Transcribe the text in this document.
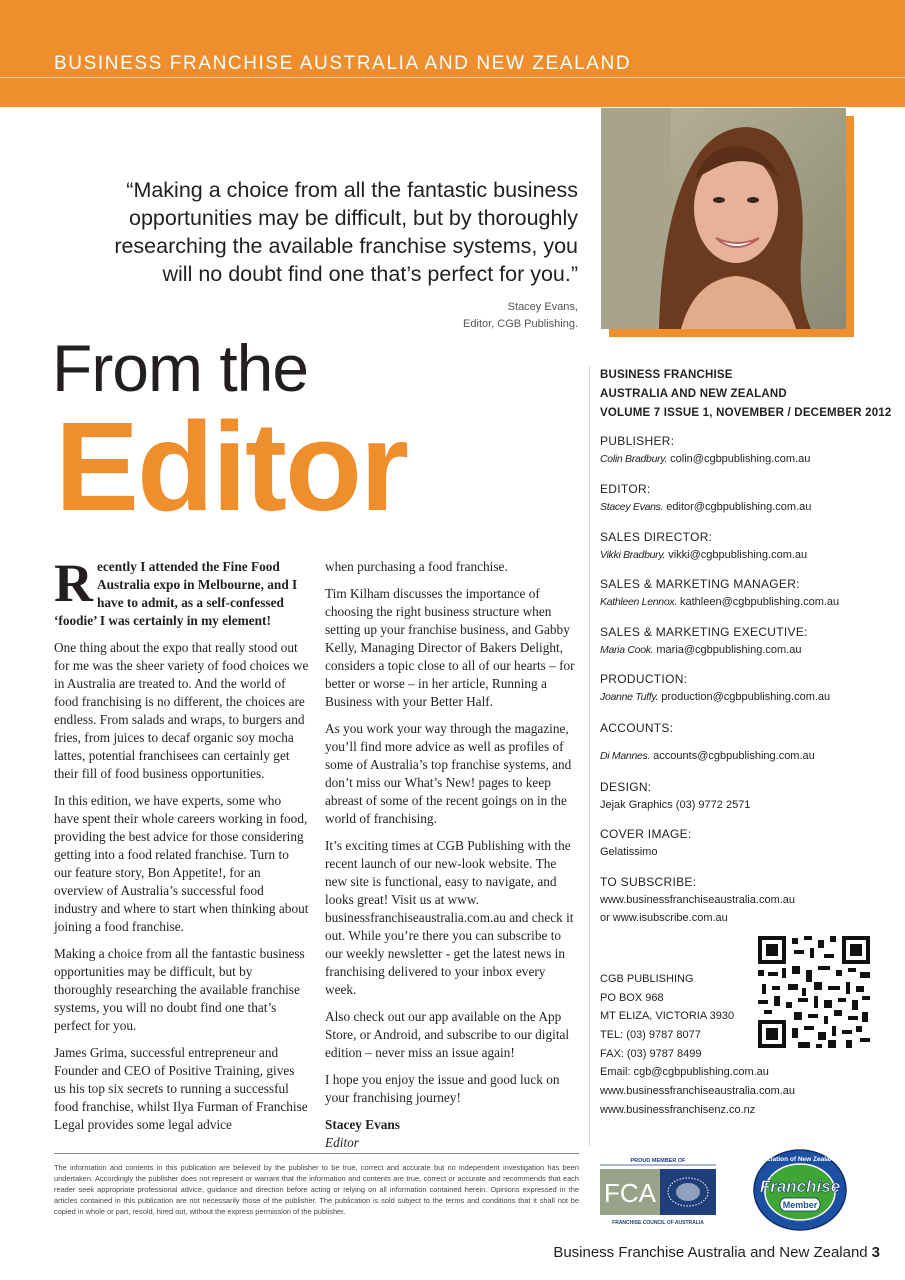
BUSINESS FRANCHISE AUSTRALIA AND NEW ZEALAND
“Making a choice from all the fantastic business
opportunities may be difficult, but by thoroughly
researching the available franchise systems, you
will no doubt find one that’s perfect for you.”
Stacey Evans,
Editor, CGB Publishing.
From the
Editor

Recently I attended the Fine Food Australia expo in Melbourne, and I have to admit, as a self-confessed ‘foodie’ I was certainly in my element!

One thing about the expo that really stood out for me was the sheer variety of food choices we in Australia are treated to. And the world of food franchising is no different, the choices are endless. From salads and wraps, to burgers and fries, from juices to decaf organic soy mocha lattes, potential franchisees can certainly get their fill of food business opportunities.

In this edition, we have experts, some who have spent their whole careers working in food, providing the best advice for those considering getting into a food related franchise. Turn to our feature story, Bon Appetite!, for an overview of Australia’s successful food industry and where to start when thinking about joining a food franchise.

Making a choice from all the fantastic business opportunities may be difficult, but by thoroughly researching the available franchise systems, you will no doubt find one that’s perfect for you.

James Grima, successful entrepreneur and Founder and CEO of Positive Training, gives us his top six secrets to running a successful food franchise, whilst Ilya Furman of Franchise Legal provides some legal advice

when purchasing a food franchise.

Tim Kilham discusses the importance of choosing the right business structure when setting up your franchise business, and Gabby Kelly, Managing Director of Bakers Delight, considers a topic close to all of our hearts – for better or worse – in her article, Running a Business with your Better Half.

As you work your way through the magazine, you’ll find more advice as well as profiles of some of Australia’s top franchise systems, and don’t miss our What’s New! pages to keep abreast of some of the recent goings on in the world of franchising.

It’s exciting times at CGB Publishing with the recent launch of our new-look website. The new site is functional, easy to navigate, and looks great! Visit us at www. businessfranchiseaustralia.com.au and check it out. While you’re there you can subscribe to our weekly newsletter - get the latest news in franchising delivered to your inbox every week.

Also check out our app available on the App Store, or Android, and subscribe to our digital edition – never miss an issue again!

I hope you enjoy the issue and good luck on your franchising journey!

Stacey Evans

Editor

BUSINESS FRANCHISE
AUSTRALIA AND NEW ZEALAND
VOLUME 7 ISSUE 1, NOVEMBER / DECEMBER 2012
PUBLISHER:
Colin Bradbury. colin@cgbpublishing.com.au
EDITOR:
Stacey Evans. editor@cgbpublishing.com.au
SALES DIRECTOR:
Vikki Bradbury. vikki@cgbpublishing.com.au
SALES & MARKETING MANAGER:
Kathleen Lennox. kathleen@cgbpublishing.com.au
SALES & MARKETING EXECUTIVE:
Maria Cook. maria@cgbpublishing.com.au
PRODUCTION:
Joanne Tuffy. production@cgbpublishing.com.au
ACCOUNTS:
Di Mannes. accounts@cgbpublishing.com.au
DESIGN:
Jejak Graphics (03) 9772 2571
COVER IMAGE:
Gelatissimo
TO SUBSCRIBE:
www.businessfranchiseaustralia.com.au
or www.isubscribe.com.au
CGB PUBLISHING
PO BOX 968
MT ELIZA, VICTORIA 3930
TEL: (03) 9787 8077
FAX: (03) 9787 8499
Email: cgb@cgbpublishing.com.au
www.businessfranchiseaustralia.com.au
www.businessfranchisenz.co.nz
The information and contents in this publication are believed by the publisher to be true, correct and accurate but no independent investigation has been undertaken. Accordingly the publisher does not represent or warrant that the information and contents are true, correct or accurate and recommends that each reader seek appropriate professional advice, guidance and direction before acting or relying on all information contained herein. Opinions expressed in the articles contained in this publication are not necessarily those of the publisher. The publication is sold subject to the terms and conditions that it shall not be copied in whole or part, resold, hired out, without the express permission of the publisher.
PROUD MEMBER OF
FCA
FRANCHISE COUNCIL OF AUSTRALIA
Association of New Zealand Inc
Franchise
Member
Business Franchise Australia and New Zealand 3
